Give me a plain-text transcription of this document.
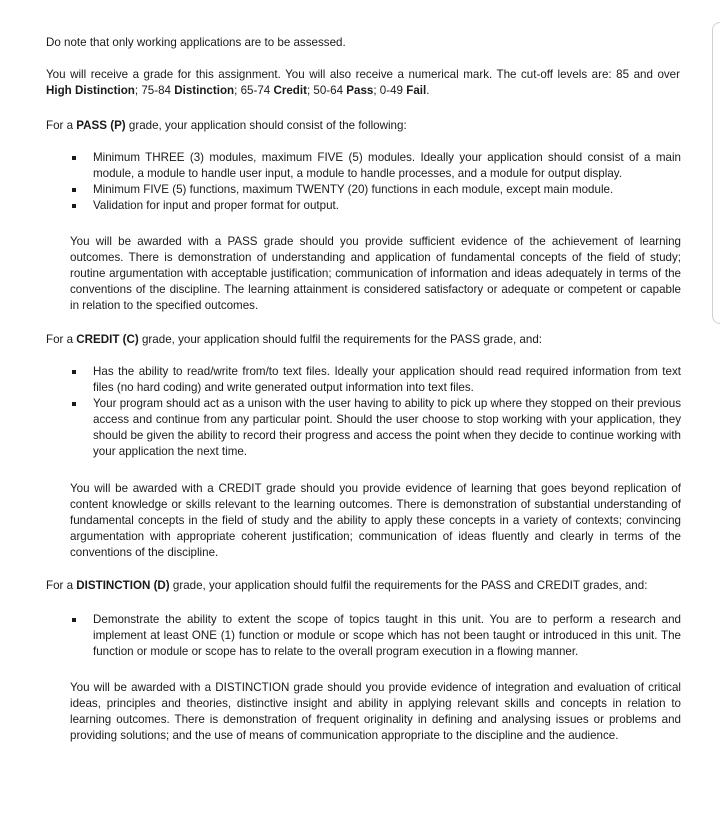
Do note that only working applications are to be assessed.

You will receive a grade for this assignment. You will also receive a numerical mark. The cut-off levels are: 85 and over High Distinction; 75-84 Distinction; 65-74 Credit; 50-64 Pass; 0-49 Fail.

For a PASS (P) grade, your application should consist of the following:

Minimum THREE (3) modules, maximum FIVE (5) modules. Ideally your application should consist of a main module, a module to handle user input, a module to handle processes, and a module for output display.
Minimum FIVE (5) functions, maximum TWENTY (20) functions in each module, except main module.
Validation for input and proper format for output.

You will be awarded with a PASS grade should you provide sufficient evidence of the achievement of learning outcomes. There is demonstration of understanding and application of fundamental concepts of the field of study; routine argumentation with acceptable justification; communication of information and ideas adequately in terms of the conventions of the discipline. The learning attainment is considered satisfactory or adequate or competent or capable in relation to the specified outcomes.

For a CREDIT (C) grade, your application should fulfil the requirements for the PASS grade, and:

Has the ability to read/write from/to text files. Ideally your application should read required information from text files (no hard coding) and write generated output information into text files.
Your program should act as a unison with the user having to ability to pick up where they stopped on their previous access and continue from any particular point. Should the user choose to stop working with your application, they should be given the ability to record their progress and access the point when they decide to continue working with your application the next time.

You will be awarded with a CREDIT grade should you provide evidence of learning that goes beyond replication of content knowledge or skills relevant to the learning outcomes. There is demonstration of substantial understanding of fundamental concepts in the field of study and the ability to apply these concepts in a variety of contexts; convincing argumentation with appropriate coherent justification; communication of ideas fluently and clearly in terms of the conventions of the discipline.

For a DISTINCTION (D) grade, your application should fulfil the requirements for the PASS and CREDIT grades, and:

Demonstrate the ability to extent the scope of topics taught in this unit. You are to perform a research and implement at least ONE (1) function or module or scope which has not been taught or introduced in this unit. The function or module or scope has to relate to the overall program execution in a flowing manner.

You will be awarded with a DISTINCTION grade should you provide evidence of integration and evaluation of critical ideas, principles and theories, distinctive insight and ability in applying relevant skills and concepts in relation to learning outcomes. There is demonstration of frequent originality in defining and analysing issues or problems and providing solutions; and the use of means of communication appropriate to the discipline and the audience.
